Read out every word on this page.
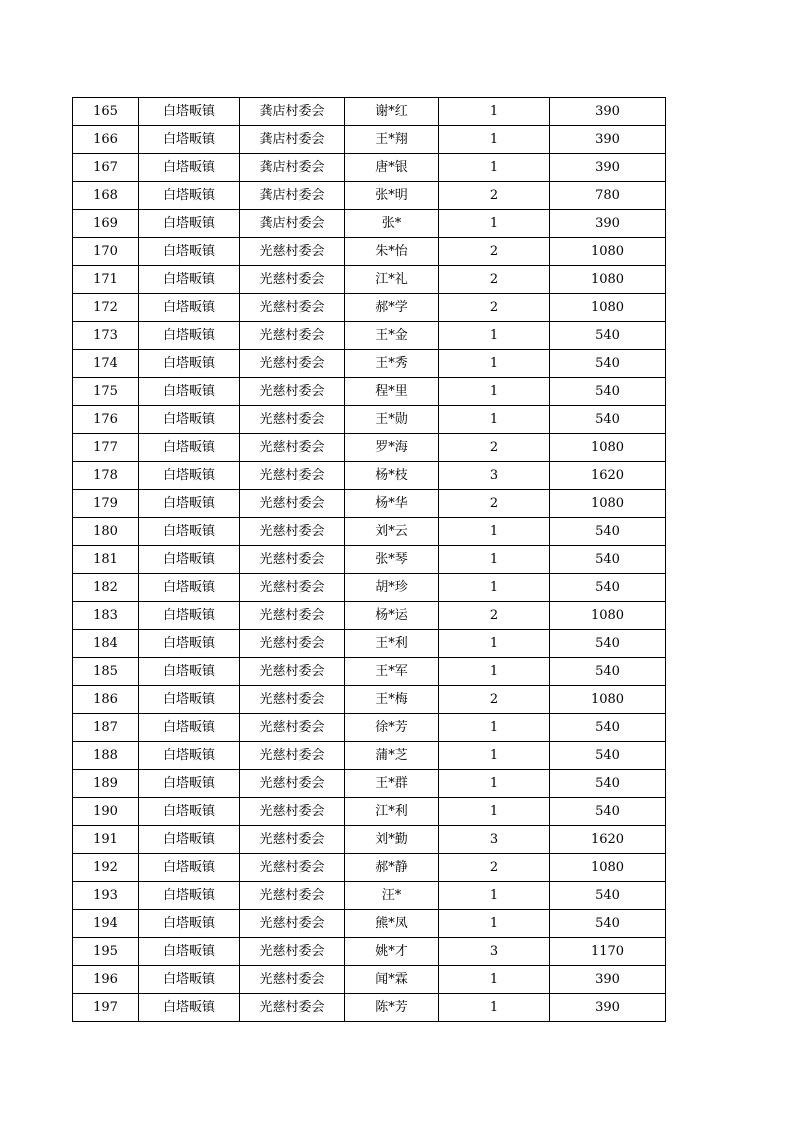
165	白塔畈镇	龚店村委会	谢*红	1	390
166	白塔畈镇	龚店村委会	王*翔	1	390
167	白塔畈镇	龚店村委会	唐*银	1	390
168	白塔畈镇	龚店村委会	张*明	2	780
169	白塔畈镇	龚店村委会	张*	1	390
170	白塔畈镇	光慈村委会	朱*怡	2	1080
171	白塔畈镇	光慈村委会	江*礼	2	1080
172	白塔畈镇	光慈村委会	郝*学	2	1080
173	白塔畈镇	光慈村委会	王*金	1	540
174	白塔畈镇	光慈村委会	王*秀	1	540
175	白塔畈镇	光慈村委会	程*里	1	540
176	白塔畈镇	光慈村委会	王*勋	1	540
177	白塔畈镇	光慈村委会	罗*海	2	1080
178	白塔畈镇	光慈村委会	杨*枝	3	1620
179	白塔畈镇	光慈村委会	杨*华	2	1080
180	白塔畈镇	光慈村委会	刘*云	1	540
181	白塔畈镇	光慈村委会	张*琴	1	540
182	白塔畈镇	光慈村委会	胡*珍	1	540
183	白塔畈镇	光慈村委会	杨*运	2	1080
184	白塔畈镇	光慈村委会	王*利	1	540
185	白塔畈镇	光慈村委会	王*军	1	540
186	白塔畈镇	光慈村委会	王*梅	2	1080
187	白塔畈镇	光慈村委会	徐*芳	1	540
188	白塔畈镇	光慈村委会	蒲*芝	1	540
189	白塔畈镇	光慈村委会	王*群	1	540
190	白塔畈镇	光慈村委会	江*利	1	540
191	白塔畈镇	光慈村委会	刘*勤	3	1620
192	白塔畈镇	光慈村委会	郝*静	2	1080
193	白塔畈镇	光慈村委会	汪*	1	540
194	白塔畈镇	光慈村委会	熊*凤	1	540
195	白塔畈镇	光慈村委会	姚*才	3	1170
196	白塔畈镇	光慈村委会	闻*霖	1	390
197	白塔畈镇	光慈村委会	陈*芳	1	390
